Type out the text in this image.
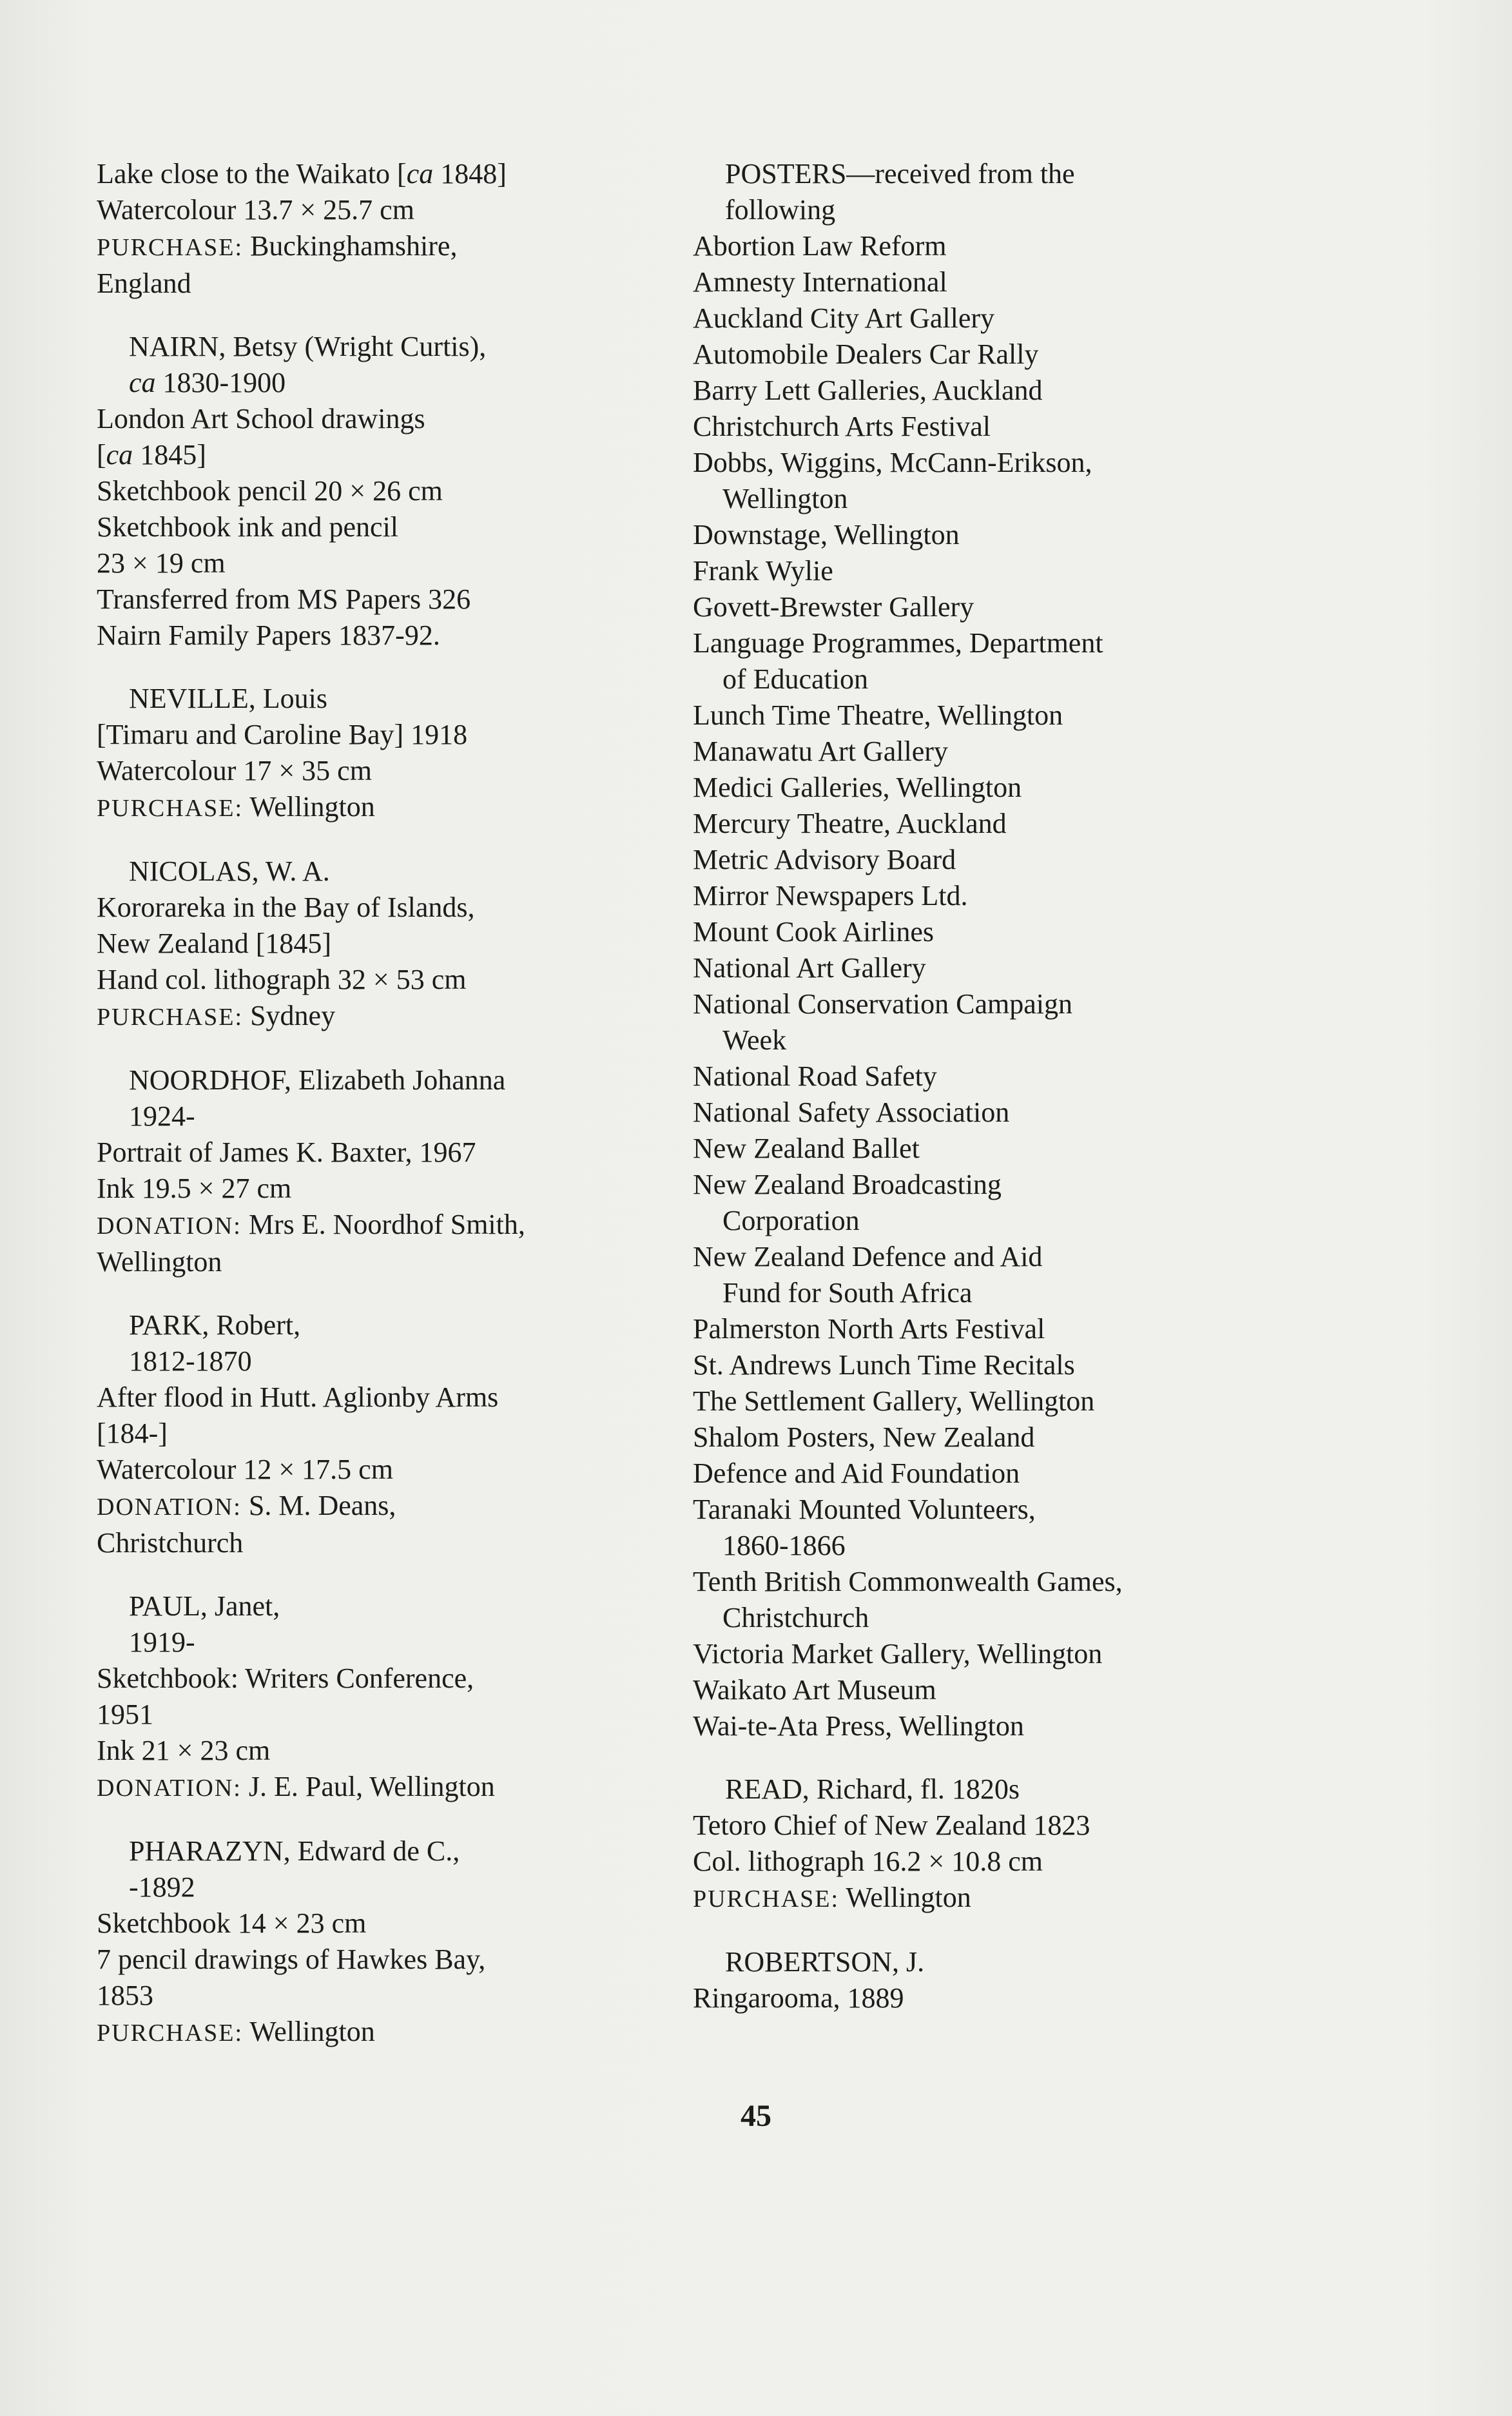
Lake close to the Waikato [ca 1848]
Watercolour 13.7 × 25.7 cm
PURCHASE: Buckinghamshire,
England
NAIRN, Betsy (Wright Curtis),
ca 1830-1900
London Art School drawings
[ca 1845]
Sketchbook pencil 20 × 26 cm
Sketchbook ink and pencil
23 × 19 cm
Transferred from MS Papers 326
Nairn Family Papers 1837-92.
NEVILLE, Louis
[Timaru and Caroline Bay] 1918
Watercolour 17 × 35 cm
PURCHASE: Wellington
NICOLAS, W. A.
Kororareka in the Bay of Islands,
New Zealand [1845]
Hand col. lithograph 32 × 53 cm
PURCHASE: Sydney
NOORDHOF, Elizabeth Johanna
1924-
Portrait of James K. Baxter, 1967
Ink 19.5 × 27 cm
DONATION: Mrs E. Noordhof Smith,
Wellington
PARK, Robert,
1812-1870
After flood in Hutt. Aglionby Arms
[184-]
Watercolour 12 × 17.5 cm
DONATION: S. M. Deans,
Christchurch
PAUL, Janet,
1919-
Sketchbook: Writers Conference,
1951
Ink 21 × 23 cm
DONATION: J. E. Paul, Wellington
PHARAZYN, Edward de C.,
-1892
Sketchbook 14 × 23 cm
7 pencil drawings of Hawkes Bay,
1853
PURCHASE: Wellington
POSTERS—received from the
following
Abortion Law Reform
Amnesty International
Auckland City Art Gallery
Automobile Dealers Car Rally
Barry Lett Galleries, Auckland
Christchurch Arts Festival
Dobbs, Wiggins, McCann-Erikson,
Wellington
Downstage, Wellington
Frank Wylie
Govett-Brewster Gallery
Language Programmes, Department
of Education
Lunch Time Theatre, Wellington
Manawatu Art Gallery
Medici Galleries, Wellington
Mercury Theatre, Auckland
Metric Advisory Board
Mirror Newspapers Ltd.
Mount Cook Airlines
National Art Gallery
National Conservation Campaign
Week
National Road Safety
National Safety Association
New Zealand Ballet
New Zealand Broadcasting
Corporation
New Zealand Defence and Aid
Fund for South Africa
Palmerston North Arts Festival
St. Andrews Lunch Time Recitals
The Settlement Gallery, Wellington
Shalom Posters, New Zealand
Defence and Aid Foundation
Taranaki Mounted Volunteers,
1860-1866
Tenth British Commonwealth Games,
Christchurch
Victoria Market Gallery, Wellington
Waikato Art Museum
Wai-te-Ata Press, Wellington
READ, Richard, fl. 1820s
Tetoro Chief of New Zealand 1823
Col. lithograph 16.2 × 10.8 cm
PURCHASE: Wellington
ROBERTSON, J.
Ringarooma, 1889
45
